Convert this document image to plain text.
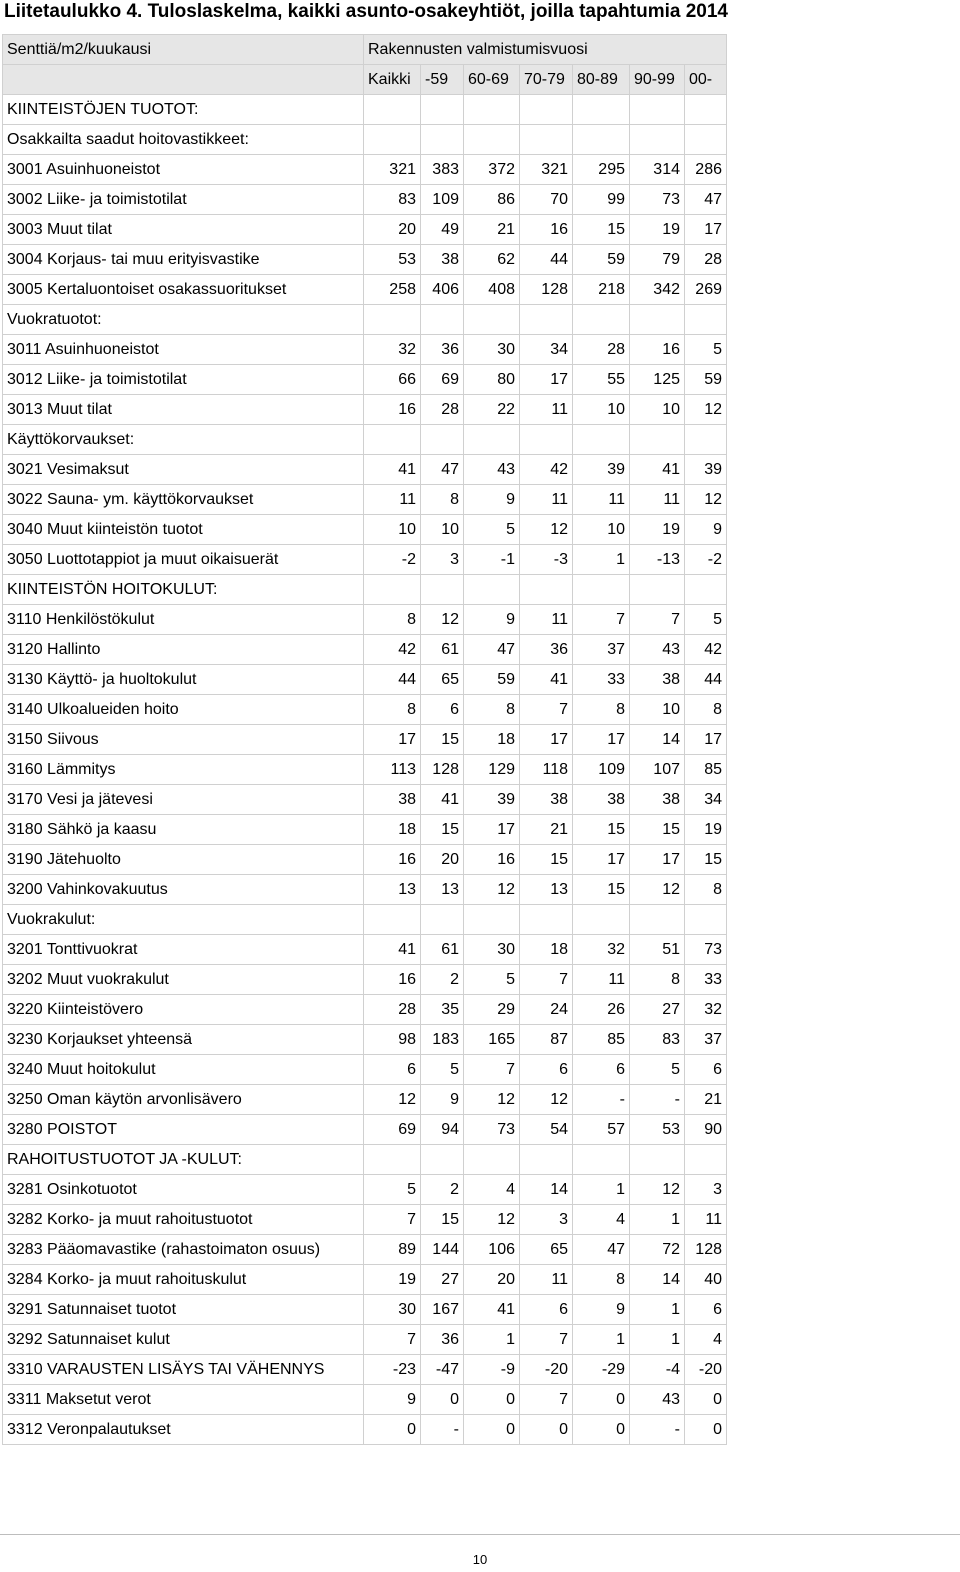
Liitetaulukko 4. Tuloslaskelma, kaikki asunto-osakeyhtiöt, joilla tapahtumia 2014
Senttiä/m2/kuukausi	Rakennusten valmistumisvuosi						
	Kaikki	-59	60-69	70-79	80-89	90-99	00-
KIINTEISTÖJEN TUOTOT:							
Osakkailta saadut hoitovastikkeet:							
3001 Asuinhuoneistot	321	383	372	321	295	314	286
3002 Liike- ja toimistotilat	83	109	86	70	99	73	47
3003 Muut tilat	20	49	21	16	15	19	17
3004 Korjaus- tai muu erityisvastike	53	38	62	44	59	79	28
3005 Kertaluontoiset osakassuoritukset	258	406	408	128	218	342	269
Vuokratuotot:							
3011 Asuinhuoneistot	32	36	30	34	28	16	5
3012 Liike- ja toimistotilat	66	69	80	17	55	125	59
3013 Muut tilat	16	28	22	11	10	10	12
Käyttökorvaukset:							
3021 Vesimaksut	41	47	43	42	39	41	39
3022 Sauna- ym. käyttökorvaukset	11	8	9	11	11	11	12
3040 Muut kiinteistön tuotot	10	10	5	12	10	19	9
3050 Luottotappiot ja muut oikaisuerät	-2	3	-1	-3	1	-13	-2
KIINTEISTÖN HOITOKULUT:							
3110 Henkilöstökulut	8	12	9	11	7	7	5
3120 Hallinto	42	61	47	36	37	43	42
3130 Käyttö- ja huoltokulut	44	65	59	41	33	38	44
3140 Ulkoalueiden hoito	8	6	8	7	8	10	8
3150 Siivous	17	15	18	17	17	14	17
3160 Lämmitys	113	128	129	118	109	107	85
3170 Vesi ja jätevesi	38	41	39	38	38	38	34
3180 Sähkö ja kaasu	18	15	17	21	15	15	19
3190 Jätehuolto	16	20	16	15	17	17	15
3200 Vahinkovakuutus	13	13	12	13	15	12	8
Vuokrakulut:							
3201 Tonttivuokrat	41	61	30	18	32	51	73
3202 Muut vuokrakulut	16	2	5	7	11	8	33
3220 Kiinteistövero	28	35	29	24	26	27	32
3230 Korjaukset yhteensä	98	183	165	87	85	83	37
3240 Muut hoitokulut	6	5	7	6	6	5	6
3250 Oman käytön arvonlisävero	12	9	12	12	-	-	21
3280 POISTOT	69	94	73	54	57	53	90
RAHOITUSTUOTOT JA -KULUT:							
3281 Osinkotuotot	5	2	4	14	1	12	3
3282 Korko- ja muut rahoitustuotot	7	15	12	3	4	1	11
3283 Pääomavastike (rahastoimaton osuus)	89	144	106	65	47	72	128
3284 Korko- ja muut rahoituskulut	19	27	20	11	8	14	40
3291 Satunnaiset tuotot	30	167	41	6	9	1	6
3292 Satunnaiset kulut	7	36	1	7	1	1	4
3310 VARAUSTEN LISÄYS TAI VÄHENNYS	-23	-47	-9	-20	-29	-4	-20
3311 Maksetut verot	9	0	0	7	0	43	0
3312 Veronpalautukset	0	-	0	0	0	-	0
10
